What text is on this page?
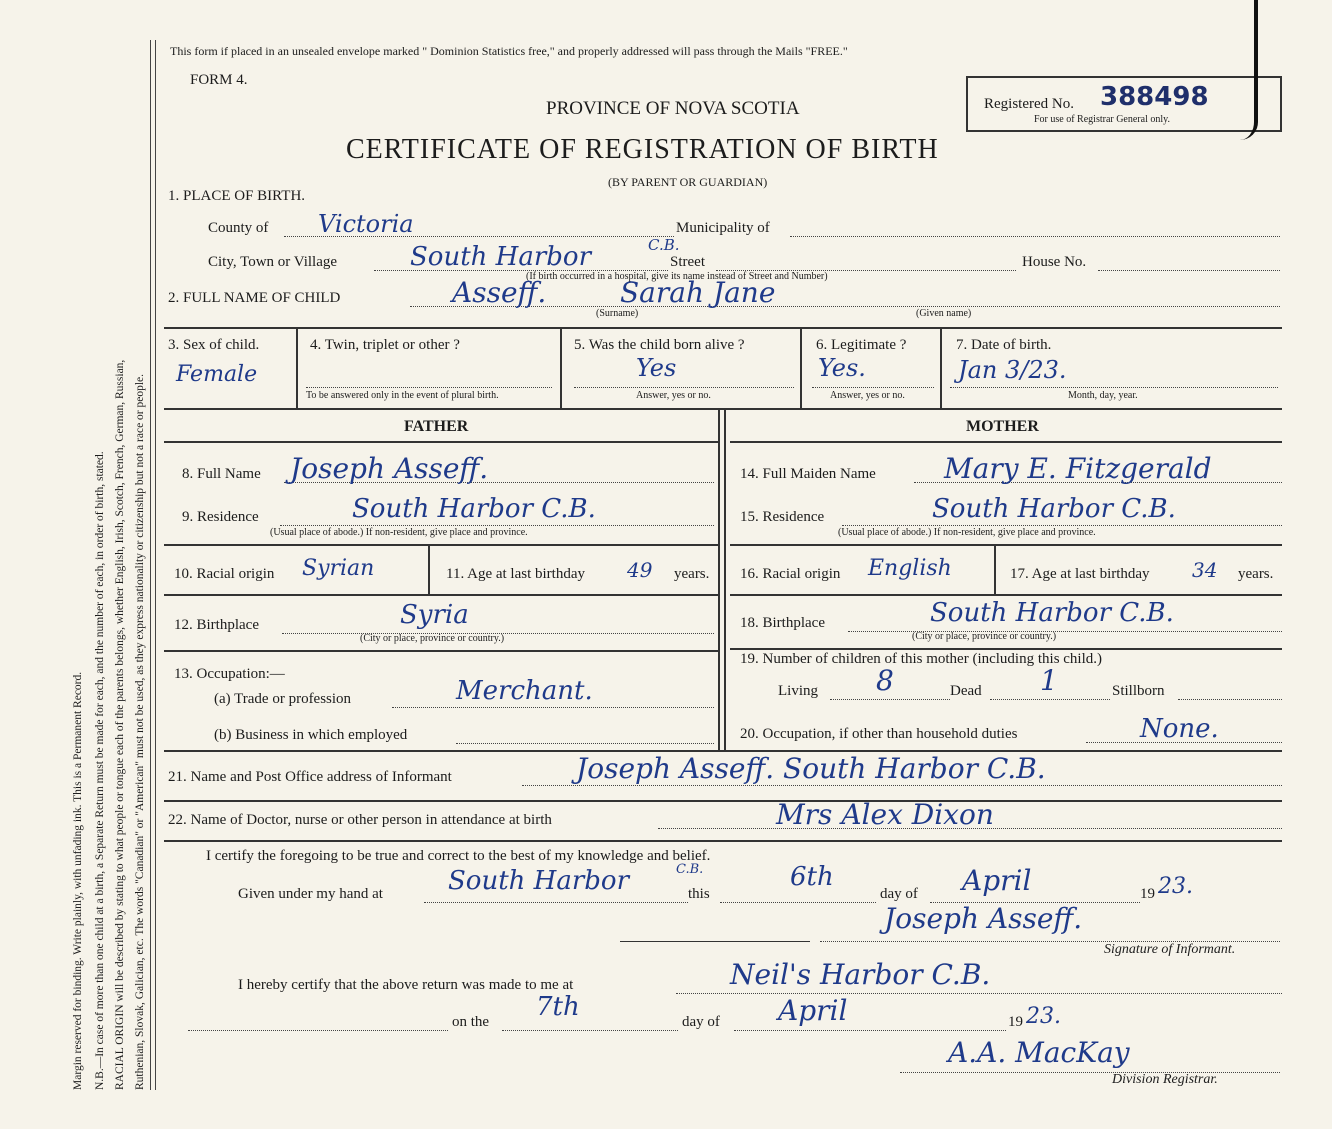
Margin reserved for binding. Write plainly, with unfading ink. This is a Permanent Record. N.B.—In case of more than one child at a birth, a Separate Return must be made for each, and the number of each, in order of birth, stated. RACIAL ORIGIN will be described by stating to what people or tongue each of the parents belongs, whether English, Irish, Scotch, French, German, Russian, Ruthenian, Slovak, Galician, etc. The words "Canadian" or "American" must not be used, as they express nationality or citizenship but not a race or people.
This form if placed in an unsealed envelope marked " Dominion Statistics free," and properly addressed will pass through the Mails "FREE."
FORM 4.
PROVINCE OF NOVA SCOTIA
CERTIFICATE OF REGISTRATION OF BIRTH
(BY PARENT OR GUARDIAN)
Registered No. 388498
For use of Registrar General only.
1. PLACE OF BIRTH.
County of Victoria	Municipality of
City, Town or Village	South Harbor	C.B.
Street	House No.
(If birth occurred in a hospital, give its name instead of Street and Number)
2. FULL NAME OF CHILD	Asseff.	Sarah Jane
(Surname)	(Given name)
3. Sex of child.
Female
4. Twin, triplet or other ?
To be answered only in the event of plural birth.
5. Was the child born alive ?
Yes
Answer, yes or no.
6. Legitimate ?
Yes.
Answer, yes or no.
7. Date of birth.
Jan 3/23.
Month, day, year.
FATHER	MOTHER
8. Full Name Joseph Asseff.
9. Residence	South Harbor C.B.
(Usual place of abode.) If non-resident, give place and province.
10. Racial origin Syrian	11. Age at last birthday 49 years.
12. Birthplace	Syria
(City or place, province or country.)
13. Occupation:—
(a) Trade or profession	Merchant.
(b) Business in which employed
14. Full Maiden Name Mary E. Fitzgerald
15. Residence	South Harbor C.B.
(Usual place of abode.) If non-resident, give place and province.
16. Racial origin English	17. Age at last birthday 34 years.
18. Birthplace	South Harbor C.B.
(City or place, province or country.)
19. Number of children of this mother (including this child.)
Living 8	Dead 1	Stillborn
20. Occupation, if other than household duties	None.
21. Name and Post Office address of Informant	Joseph Asseff. South Harbor C.B.
22. Name of Doctor, nurse or other person in attendance at birth	Mrs Alex Dixon
I certify the foregoing to be true and correct to the best of my knowledge and belief.
Given under my hand at	South Harbor	C.B.
this
6th
day of April	19 23.
Joseph Asseff.
Signature of Informant.
I hereby certify that the above return was made to me at	Neil's Harbor C.B.
on the 7th	day of April	19 23.
A.A. MacKay
Division Registrar.
